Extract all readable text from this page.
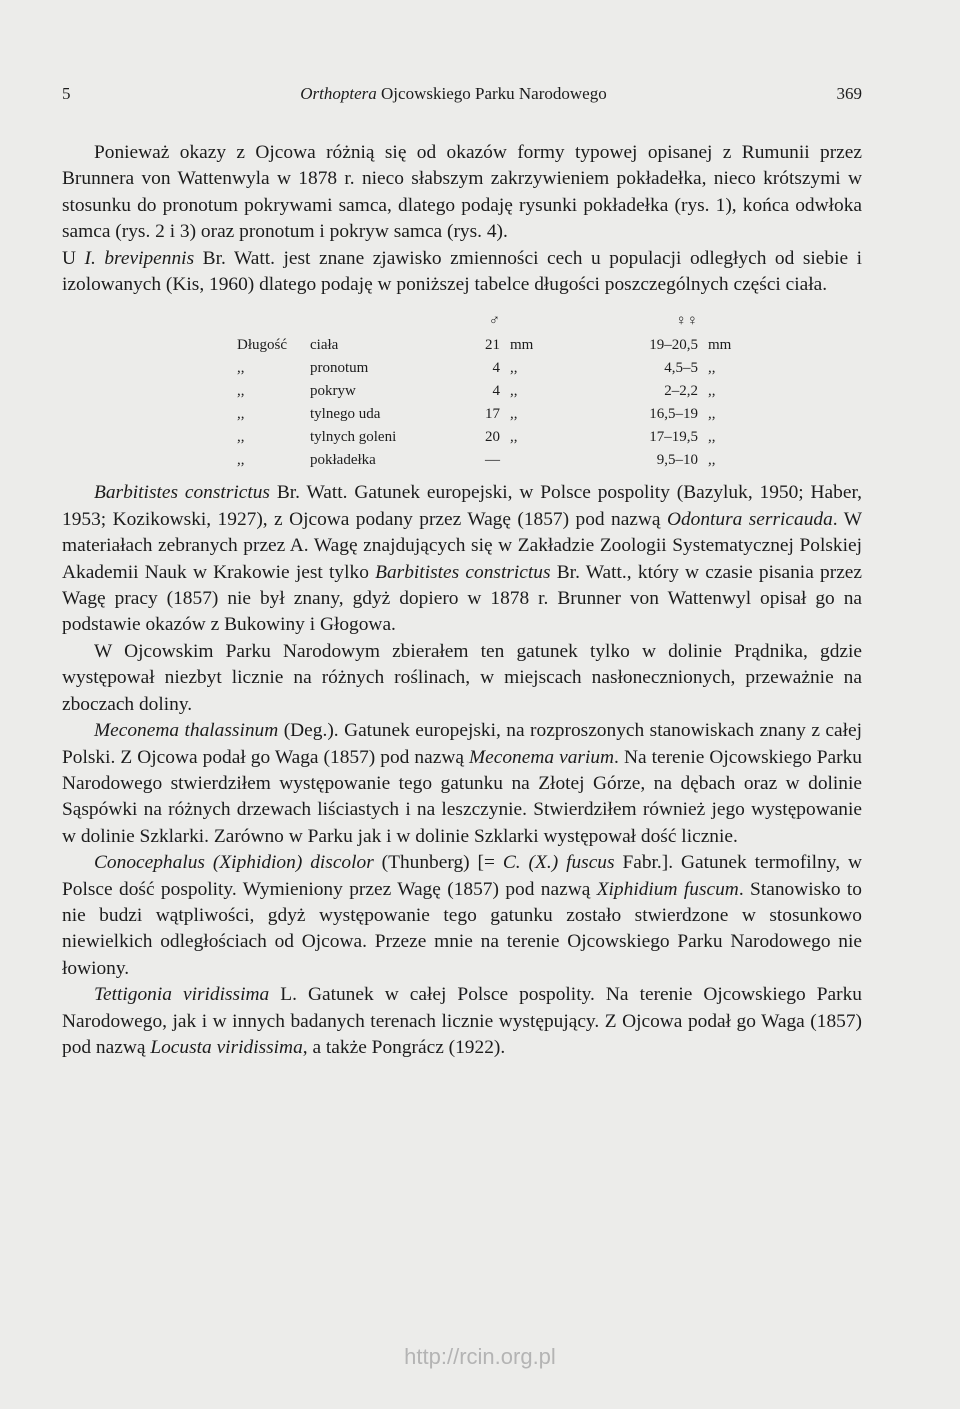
5	Orthoptera Ojcowskiego Parku Narodowego	369

Ponieważ okazy z Ojcowa różnią się od okazów formy typowej opisanej z Rumunii przez Brunnera von Wattenwyla w 1878 r. nieco słabszym zakrzywieniem pokładełka, nieco krótszymi w stosunku do pronotum pokrywami samca, dlatego podaję rysunki pokładełka (rys. 1), końca odwłoka samca (rys. 2 i 3) oraz pronotum i pokryw samca (rys. 4).

U I. brevipennis Br. Watt. jest znane zjawisko zmienności cech u populacji odległych od siebie i izolowanych (Kis, 1960) dlatego podaję w poniższej tabelce długości poszczególnych części ciała.

♂	♀♀
Długość ciała	21 mm	19–20,5 mm
,,	pronotum	4 ,,	4,5–5 ,,
,,	pokryw	4 ,,	2–2,2 ,,
,,	tylnego uda	17 ,,	16,5–19 ,,
,,	tylnych goleni	20 ,,	17–19,5 ,,
,,	pokładełka	—	9,5–10 ,,

Barbitistes constrictus Br. Watt. Gatunek europejski, w Polsce pospolity (Bazyluk, 1950; Haber, 1953; Kozikowski, 1927), z Ojcowa podany przez Wagę (1857) pod nazwą Odontura serricauda. W materiałach zebranych przez A. Wagę znajdujących się w Zakładzie Zoologii Systematycznej Polskiej Akademii Nauk w Krakowie jest tylko Barbitistes constrictus Br. Watt., który w czasie pisania przez Wagę pracy (1857) nie był znany, gdyż dopiero w 1878 r. Brunner von Wattenwyl opisał go na podstawie okazów z Bukowiny i Głogowa.

W Ojcowskim Parku Narodowym zbierałem ten gatunek tylko w dolinie Prądnika, gdzie występował niezbyt licznie na różnych roślinach, w miejscach nasłonecznionych, przeważnie na zboczach doliny.

Meconema thalassinum (Deg.). Gatunek europejski, na rozproszonych stanowiskach znany z całej Polski. Z Ojcowa podał go Waga (1857) pod nazwą Meconema varium. Na terenie Ojcowskiego Parku Narodowego stwierdziłem występowanie tego gatunku na Złotej Górze, na dębach oraz w dolinie Sąspówki na różnych drzewach liściastych i na leszczynie. Stwierdziłem również jego występowanie w dolinie Szklarki. Zarówno w Parku jak i w dolinie Szklarki występował dość licznie.

Conocephalus (Xiphidion) discolor (Thunberg) [= C. (X.) fuscus Fabr.]. Gatunek termofilny, w Polsce dość pospolity. Wymieniony przez Wagę (1857) pod nazwą Xiphidium fuscum. Stanowisko to nie budzi wątpliwości, gdyż występowanie tego gatunku zostało stwierdzone w stosunkowo niewielkich odległościach od Ojcowa. Przeze mnie na terenie Ojcowskiego Parku Narodowego nie łowiony.

Tettigonia viridissima L. Gatunek w całej Polsce pospolity. Na terenie Ojcowskiego Parku Narodowego, jak i w innych badanych terenach licznie występujący. Z Ojcowa podał go Waga (1857) pod nazwą Locusta viridissima, a także Pongrácz (1922).

http://rcin.org.pl
